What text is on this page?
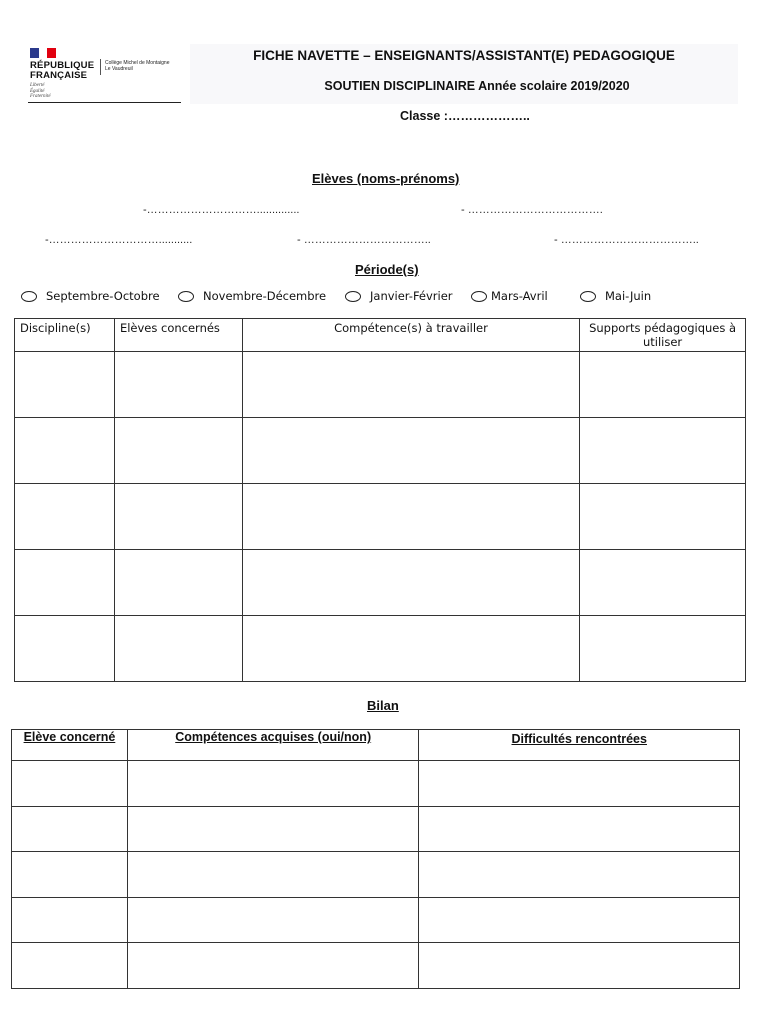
RÉPUBLIQUE
FRANÇAISE
Liberté
Égalité
Fraternité
Collège Michel de Montaigne
Le Vaudreuil
FICHE NAVETTE – ENSEIGNANTS/ASSISTANT(E) PEDAGOGIQUE
SOUTIEN DISCIPLINAIRE Année scolaire 2019/2020
Classe :………………..
Elèves (noms-prénoms)
-…………………………..............	- ……………………………….
-…………………………...........	- ……………………………..	- ………………………………..
Période(s)
Septembre-Octobre	Novembre-Décembre	Janvier-Février	Mars-Avril	Mai-Juin
Discipline(s)	Elèves concernés	Compétence(s) à travailler	Supports pédagogiques à utiliser

Bilan
Elève concerné	Compétences acquises (oui/non)	Difficultés rencontrées
